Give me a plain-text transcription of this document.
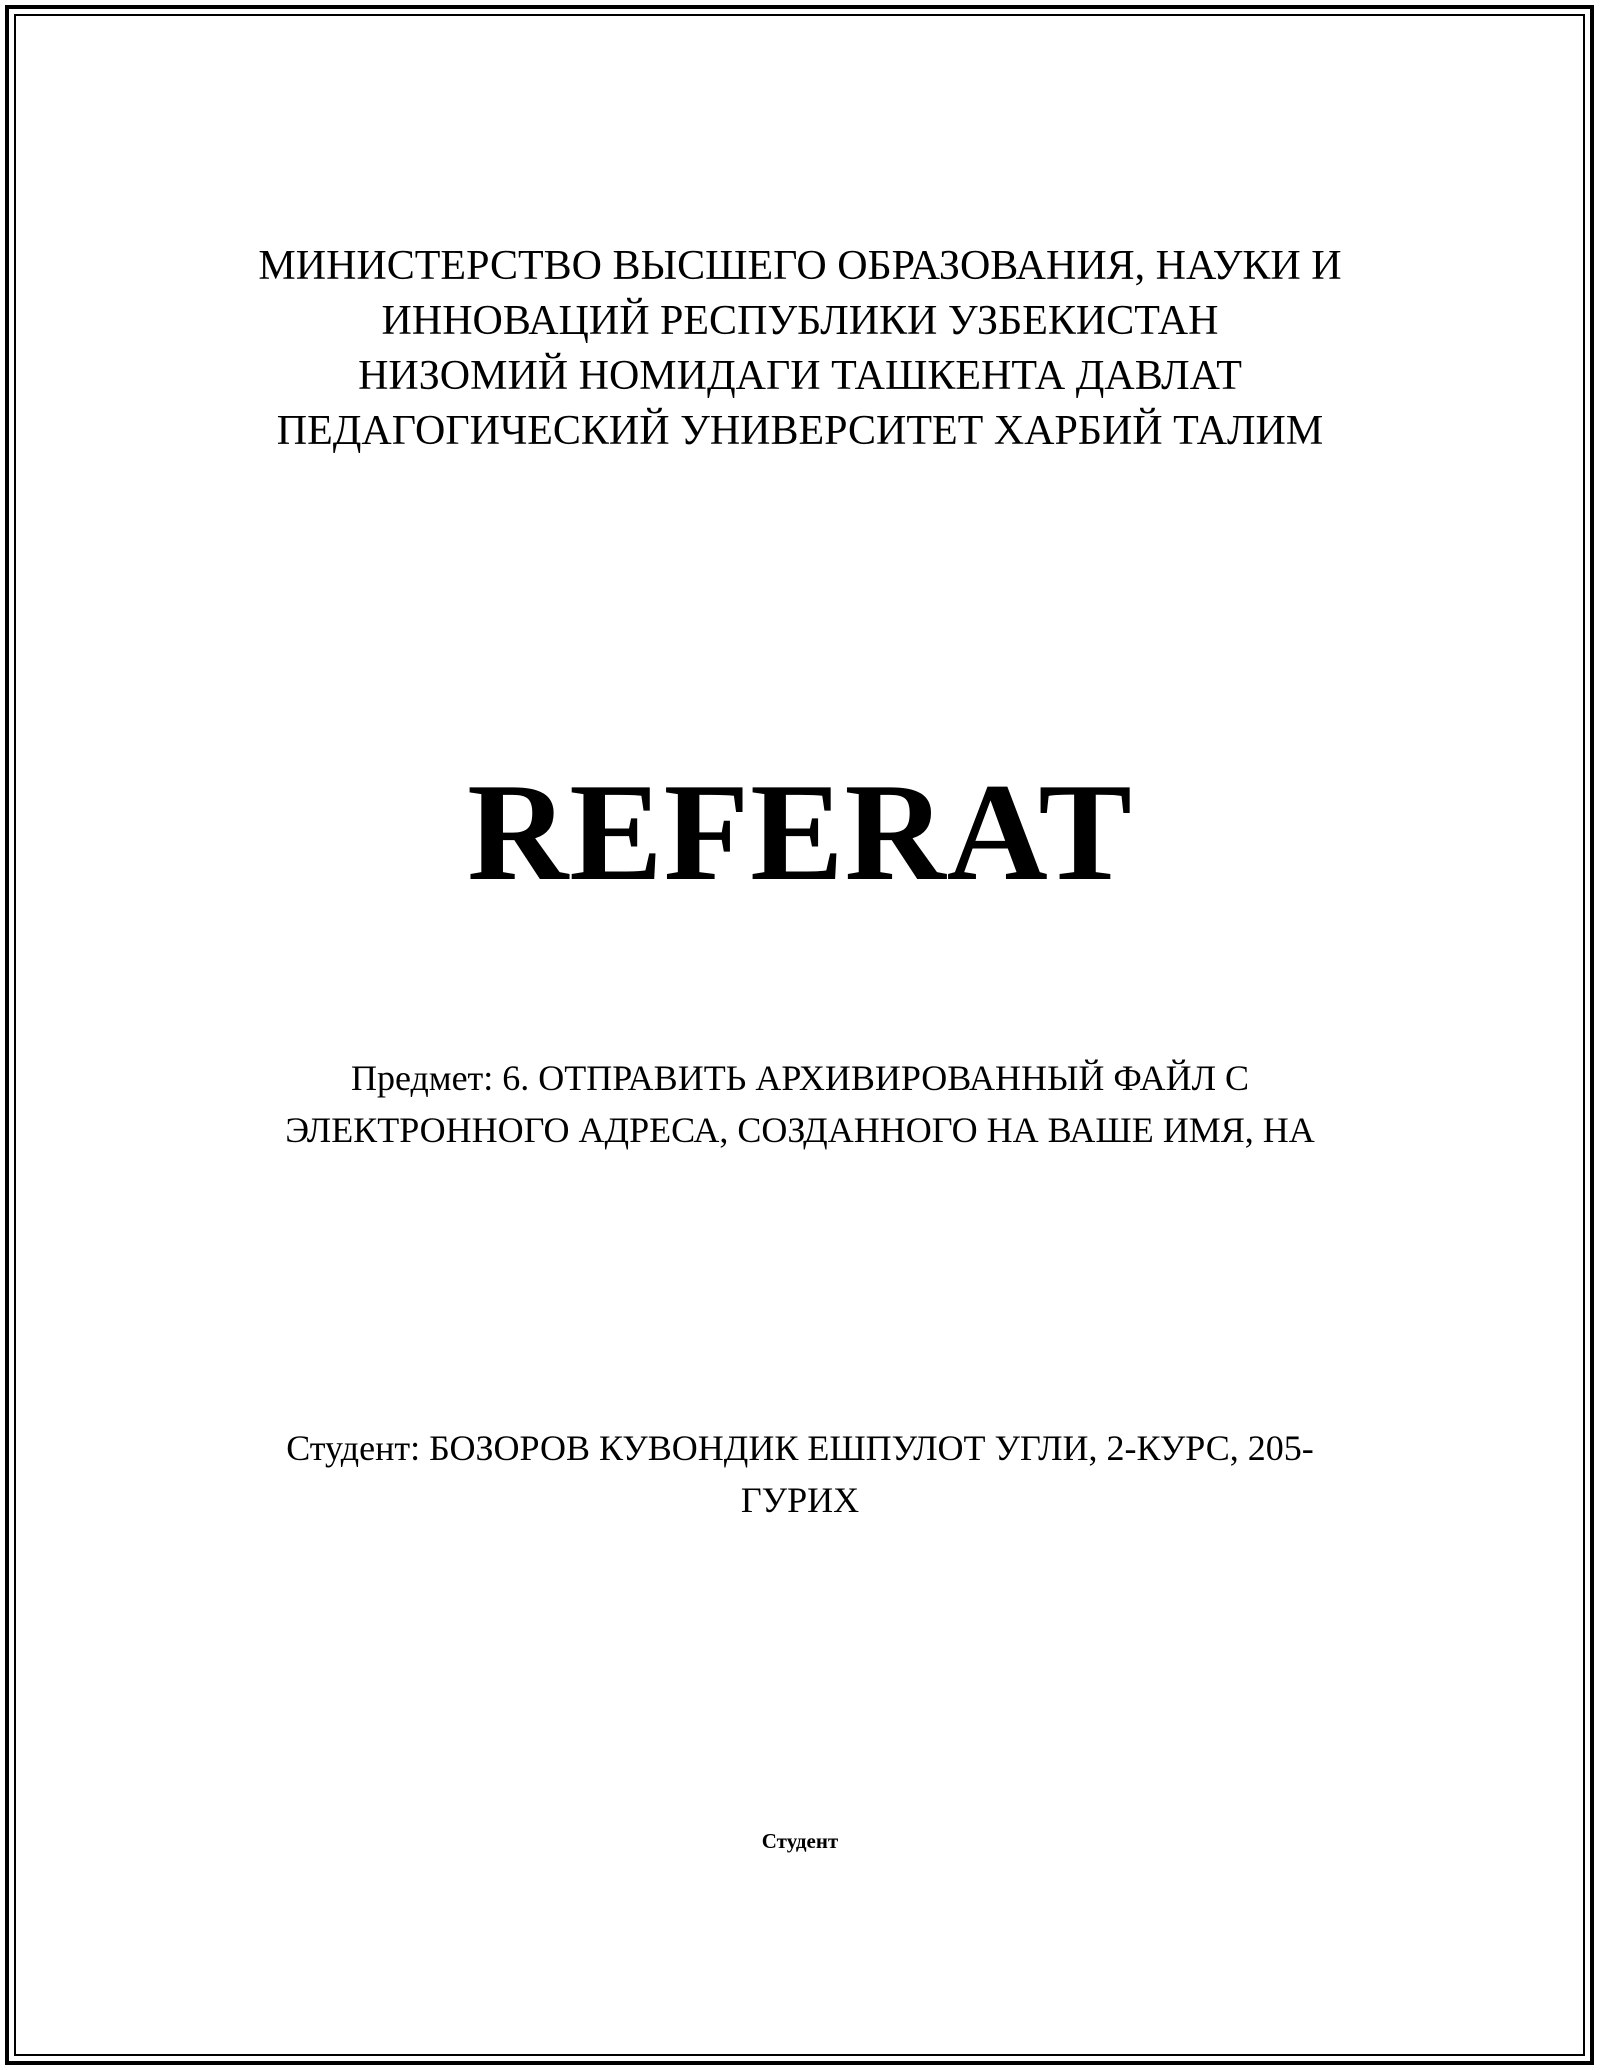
МИНИСТЕРСТВО ВЫСШЕГО ОБРАЗОВАНИЯ, НАУКИ И
ИННОВАЦИЙ РЕСПУБЛИКИ УЗБЕКИСТАН
НИЗОМИЙ НОМИДАГИ ТАШКЕНТА ДАВЛАТ
ПЕДАГОГИЧЕСКИЙ УНИВЕРСИТЕТ ХАРБИЙ ТАЛИМ
REFERAT
Предмет: 6. ОТПРАВИТЬ АРХИВИРОВАННЫЙ ФАЙЛ С
ЭЛЕКТРОННОГО АДРЕСА, СОЗДАННОГО НА ВАШЕ ИМЯ, НА
Студент: БОЗОРОВ КУВОНДИК ЕШПУЛОТ УГЛИ, 2-КУРС, 205-
ГУРИХ
Студент
